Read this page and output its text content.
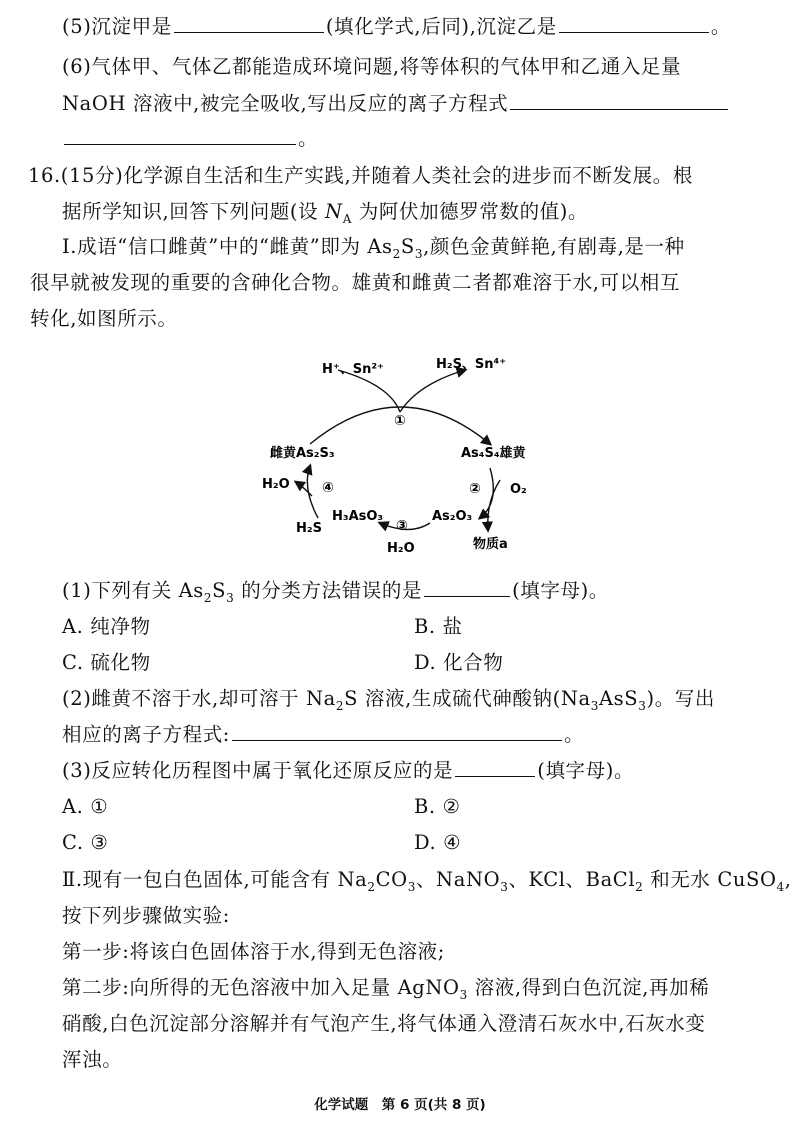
(5)沉淀甲是	(填化学式,后同),沉淀乙是	。
(6)气体甲、气体乙都能造成环境问题,将等体积的气体甲和乙通入足量
NaOH 溶液中,被完全吸收,写出反应的离子方程式
。
16.(15分)化学源自生活和生产实践,并随着人类社会的进步而不断发展。根
据所学知识,回答下列问题(设 $N_A$ 为阿伏加德罗常数的值)。
Ⅰ.成语“信口雌黄”中的“雌黄”即为 $As_2S_3$,颜色金黄鲜艳,有剧毒,是一种
很早就被发现的重要的含砷化合物。雄黄和雌黄二者都难溶于水,可以相互
转化,如图所示。
H⁺、Sn²⁺	H₂S、Sn⁴⁺
①
雌黄As₂S₃	As₄S₄雄黄
H₂O ④	② O₂
H₃AsO₃	As₂O₃
③
H₂S
H₂O	物质a
(1)下列有关 $As_2S_3$ 的分类方法错误的是	(填字母)。
A. 纯净物	B. 盐
C. 硫化物	D. 化合物
(2)雌黄不溶于水,却可溶于 $Na_2S$ 溶液,生成硫代砷酸钠$(Na_3AsS_3)$。写出
相应的离子方程式:	。
(3)反应转化历程图中属于氧化还原反应的是	(填字母)。
A. ①	B. ②
C. ③	D. ④
Ⅱ.现有一包白色固体,可能含有 $Na_2CO_3$、NaNO$_3$、KCl、BaCl$_2$ 和无水 CuSO$_4$,
按下列步骤做实验:
第一步:将该白色固体溶于水,得到无色溶液;
第二步:向所得的无色溶液中加入足量 AgNO$_3$ 溶液,得到白色沉淀,再加稀
硝酸,白色沉淀部分溶解并有气泡产生,将气体通入澄清石灰水中,石灰水变
浑浊。
化学试题　第 6 页(共 8 页)
